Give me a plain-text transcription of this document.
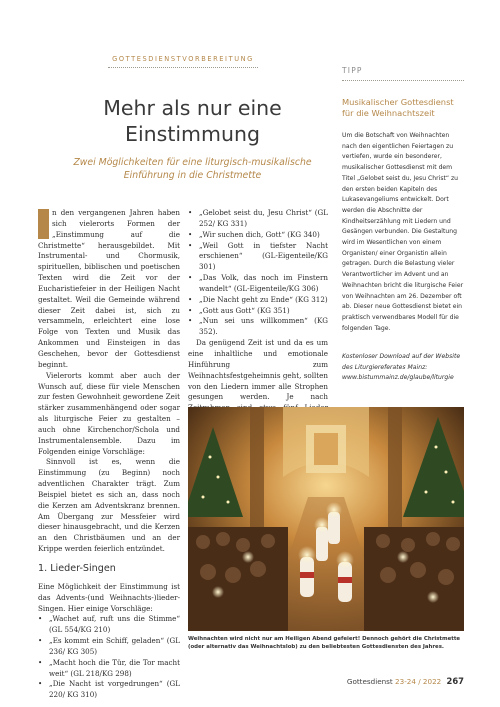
GOTTESDIENSTVORBEREITUNG
Mehr als nur eine
Einstimmung
Zwei Möglichkeiten für eine liturgisch-musikalische
Einführung in die Christmette

n den vergangenen Jahren haben sich vielerorts Formen der „Einstimmung auf die Christmette“ herausgebildet. Mit Instrumental- und Chormusik, spirituellen, biblischen und poetischen Texten wird die Zeit vor der Eucharistiefeier in der Heiligen Nacht gestaltet. Weil die Gemeinde während dieser Zeit dabei ist, sich zu versammeln, erleichtert eine lose Folge von Texten und Musik das Ankommen und Einsteigen in das Geschehen, bevor der Gottesdienst beginnt.

Vielerorts kommt aber auch der Wunsch auf, diese für viele Menschen zur festen Gewohnheit gewordene Zeit stärker zusammenhängend oder sogar als liturgische Feier zu gestalten – auch ohne Kirchenchor/Schola und Instrumentalensemble. Dazu im Folgenden einige Vorschläge:

Sinnvoll ist es, wenn die Einstimmung (zu Beginn) noch adventlichen Charakter trägt. Zum Beispiel bietet es sich an, dass noch die Kerzen am Adventskranz brennen. Am Übergang zur Messfeier wird dieser hinausgebracht, und die Kerzen an den Christbäumen und an der Krippe werden feierlich entzündet.

1. Lieder-Singen

Eine Möglichkeit der Einstimmung ist das Advents-(und Weihnachts-)lieder-Singen. Hier einige Vorschläge:

• „Wachet auf, ruft uns die Stimme“ (GL 554/KG 210)
• „Es kommt ein Schiff, geladen“ (GL 236/ KG 305)
• „Macht hoch die Tür, die Tor macht weit“ (GL 218/KG 298)
• „Die Nacht ist vorgedrungen“ (GL 220/ KG 310)
• „Gelobet seist du, Jesu Christ“ (GL 252/ KG 331)
• „Wir suchen dich, Gott“ (KG 340)
• „Weil Gott in tiefster Nacht erschienen“ (GL-Eigenteile/KG 301)
• „Das Volk, das noch im Finstern wandelt“ (GL-Eigenteile/KG 306)
• „Die Nacht geht zu Ende“ (KG 312)
• „Gott aus Gott“ (KG 351)
• „Nun sei uns willkommen“ (KG 352).

Da genügend Zeit ist und da es um eine inhaltliche und emotionale Hinführung zum Weihnachtsfestgeheimnis geht, sollten von den Liedern immer alle Strophen gesungen werden. Je nach

TIPP
Musikalischer Gottesdienst für die Weihnachtszeit
Um die Botschaft von Weihnachten nach den eigentlichen Feiertagen zu vertiefen, wurde ein besonderer, musikalischer Gottesdienst mit dem Titel „Gelobet seist du, Jesu Christ“ zu den ersten beiden Kapiteln des Lukasevangeliums entwickelt. Dort werden die Abschnitte der Kindheitserzählung mit Liedern und Gesängen verbunden. Die Gestaltung wird im Wesentlichen von einem Organisten/ einer Organistin allein getragen. Durch die Belastung vieler Verantwortlicher im Advent und an Weihnachten bricht die liturgische Feier von Weihnachten am 26. Dezember oft ab. Dieser neue Gottesdienst bietet ein praktisch verwendbares Modell für die folgenden Tage.
Kostenloser Download auf der Website des Liturgiereferates Mainz: www.bistummainz.de/glaube/liturgie
Weihnachten wird nicht nur am Heiligen Abend gefeiert! Dennoch gehört die Christmette (oder alternativ das Weihnachtslob) zu den beliebtesten Gottesdiensten des Jahres.
Gottesdienst 23-24 / 2022 267
